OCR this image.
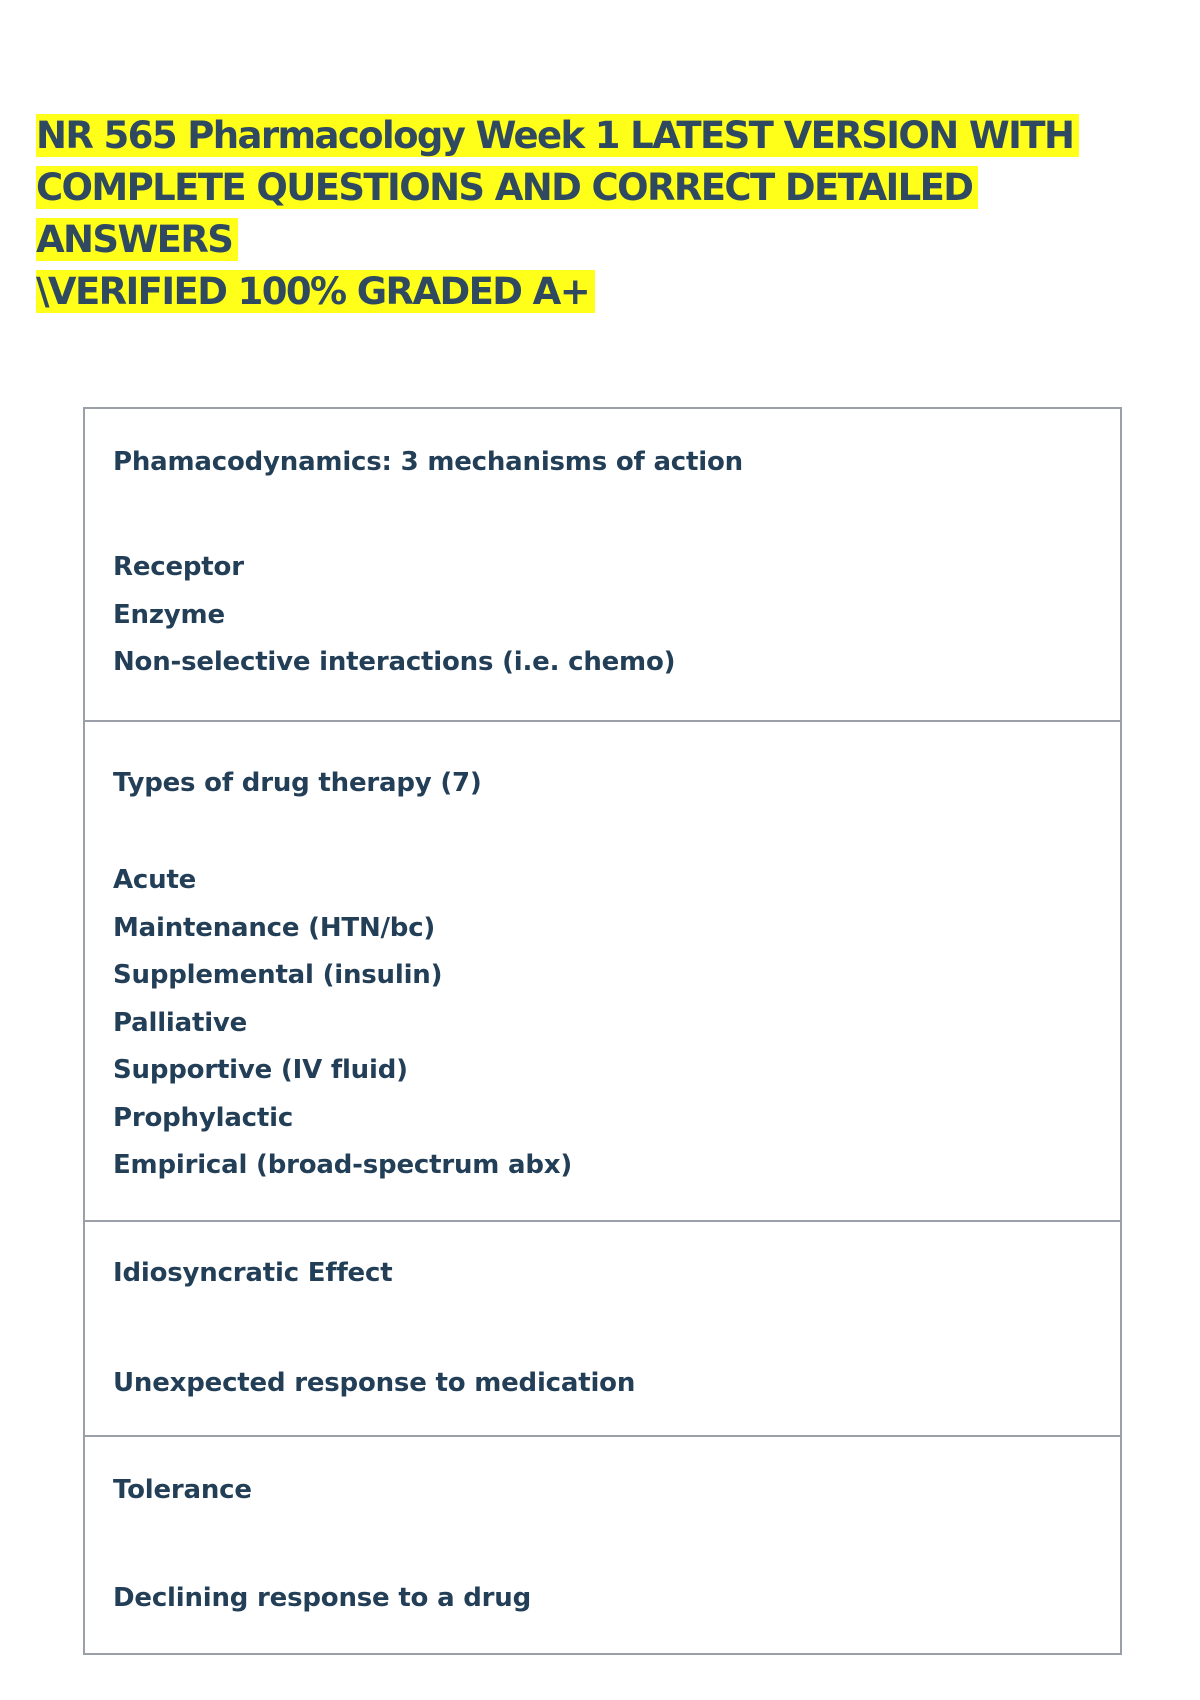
NR 565 Pharmacology Week 1 LATEST VERSION WITH
COMPLETE QUESTIONS AND CORRECT DETAILED ANSWERS
\VERIFIED 100% GRADED A+

Phamacodynamics: 3 mechanisms of action

Receptor

Enzyme

Non-selective interactions (i.e. chemo)

Types of drug therapy (7)

Acute

Maintenance (HTN/bc)

Supplemental (insulin)

Palliative

Supportive (IV fluid)

Prophylactic

Empirical (broad-spectrum abx)

Idiosyncratic Effect

Unexpected response to medication

Tolerance

Declining response to a drug
